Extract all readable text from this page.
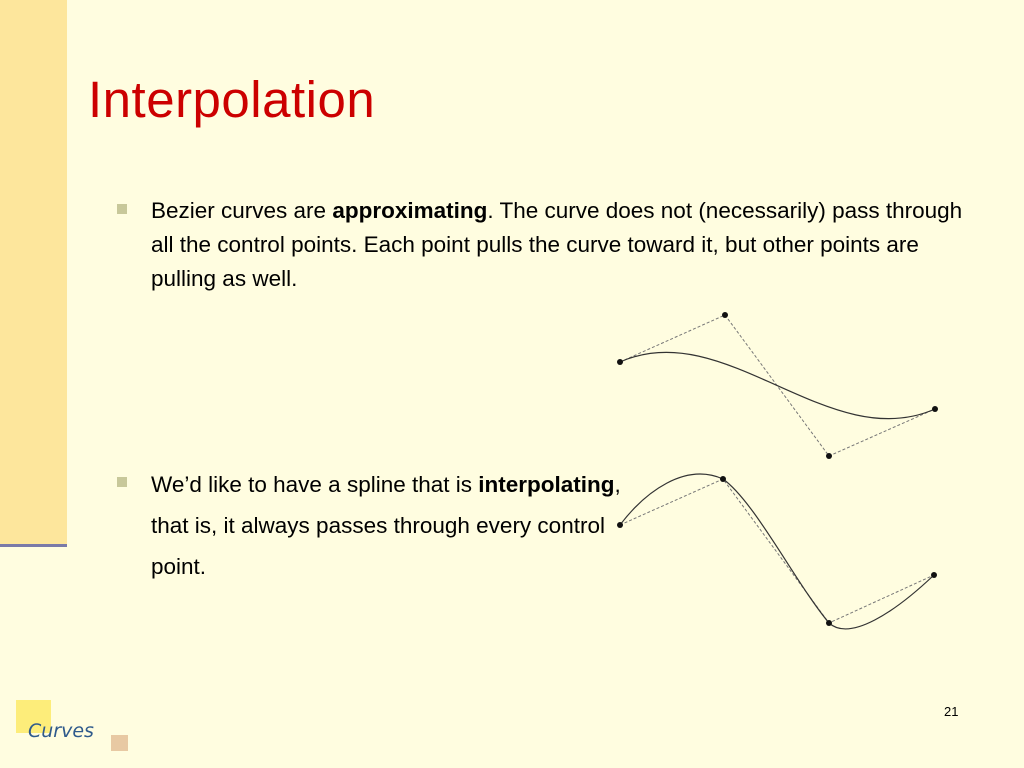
Interpolation

Bezier curves are approximating. The curve does not (necessarily) pass through all the control points. Each point pulls the curve toward it, but other points are pulling as well.

We’d like to have a spline that is interpolating, that is, it always passes through every control point.

Curves
21
